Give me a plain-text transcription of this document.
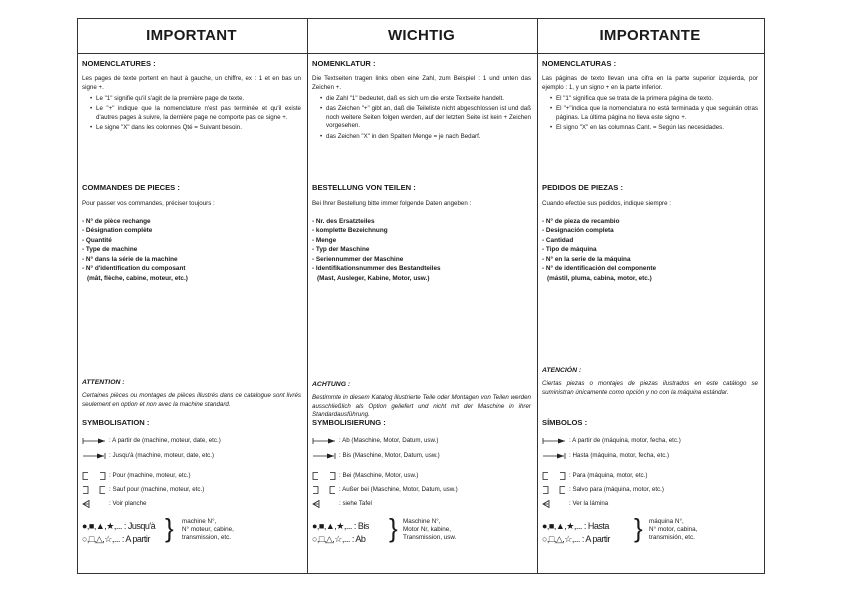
IMPORTANT
NOMENCLATURES :

Les pages de texte portent en haut à gauche, un chiffre, ex : 1 et en bas un signe +.

• Le "1" signifie qu'il s'agit de la première page de texte.
• Le "+" indique que la nomenclature n'est pas terminée et qu'il existe d'autres pages à suivre, la dernière page ne comporte pas ce signe +.
• Le signe "X" dans les colonnes Qté = Suivant besoin.
COMMANDES DE PIECES :

Pour passer vos commandes, préciser toujours :

- N° de pièce rechange
- Désignation complète
- Quantité
- Type de machine
- N° dans la série de la machine
- N° d'identification du composant
(mât, flèche, cabine, moteur, etc.)
ATTENTION :

Certaines pièces ou montages de pièces illustrés dans ce catalogue sont livrés seulement en option et non avec la machine standard.

SYMBOLISATION :
: A partir de (machine, moteur, date, etc.)
: Jusqu'à (machine, moteur, date, etc.)
: Pour (machine, moteur, etc.)
: Sauf pour (machine, moteur, etc.)
: Voir planche
●,■,▲,★,... : Jusqu'à
○,□,△,☆,... : A partir } machine N°,
N° moteur, cabine,
transmission, etc.
WICHTIG
NOMENKLATUR :

Die Textseiten tragen links oben eine Zahl, zum Beispiel : 1 und unten das Zeichen +.

• die Zahl "1" bedeutet, daß es sich um die erste Textseite handelt.
• das Zeichen "+" gibt an, daß die Teileliste nicht abgeschlossen ist und daß noch weitere Seiten folgen werden, auf der letzten Seite ist kein + Zeichen vorgesehen.
• das Zeichen "X" in den Spalten Menge = je nach Bedarf.
BESTELLUNG VON TEILEN :

Bei Ihrer Bestellung bitte immer folgende Daten angeben :

- Nr. des Ersatzteiles
- komplette Bezeichnung
- Menge
- Typ der Maschine
- Seriennummer der Maschine
- Identifikationsnummer des Bestandteiles
(Mast, Ausleger, Kabine, Motor, usw.)
ACHTUNG :

Bestimmte in diesem Katalog illustrierte Teile oder Montagen von Teilen werden ausschließlich als Option geliefert und nicht mit der Maschine in ihrer Standardausführung.

SYMBOLISIERUNG :
: Ab (Maschine, Motor, Datum, usw.)
: Bis (Maschine, Motor, Datum, usw.)
: Bei (Maschine, Motor, usw.)
: Außer bei (Maschine, Motor, Datum, usw.)
: siehe Tafel
●,■,▲,★,... : Bis
○,□,△,☆,... : Ab } Maschine N°,
Motor Nr, kabine,
Transmission, usw.
IMPORTANTE
NOMENCLATURAS :

Las páginas de texto llevan una cifra en la parte superior izquierda, por ejemplo : 1, y un signo + en la parte inferior.

• El "1" significa que se trata de la primera página de texto.
• El "+"indica que la nomenclatura no está terminada y que seguirán otras páginas. La última página no lleva este signo +.
• El signo "X" en las columnas Cant. = Según las necesidades.
PEDIDOS DE PIEZAS :

Cuando efectúe sus pedidos, indique siempre :

- N° de pieza de recambio
- Designación completa
- Cantidad
- Tipo de máquina
- N° en la serie de la máquina
- N° de identificación del componente
(mástil, pluma, cabina, motor, etc.)
ATENCIÓN :

Ciertas piezas o montajes de piezas ilustrados en este catálogo se suministran únicamente como opción y no con la máquina estándar.

SÍMBOLOS :
: A partir de (máquina, motor, fecha, etc.)
: Hasta (máquina, motor, fecha, etc.)
: Para (máquina, motor, etc.)
: Salvo para (máquina, motor, etc.)
: Ver la lámina
●,■,▲,★,... : Hasta
○,□,△,☆,... : A partir } máquina N°,
N° motor, cabina,
transmisión, etc.
